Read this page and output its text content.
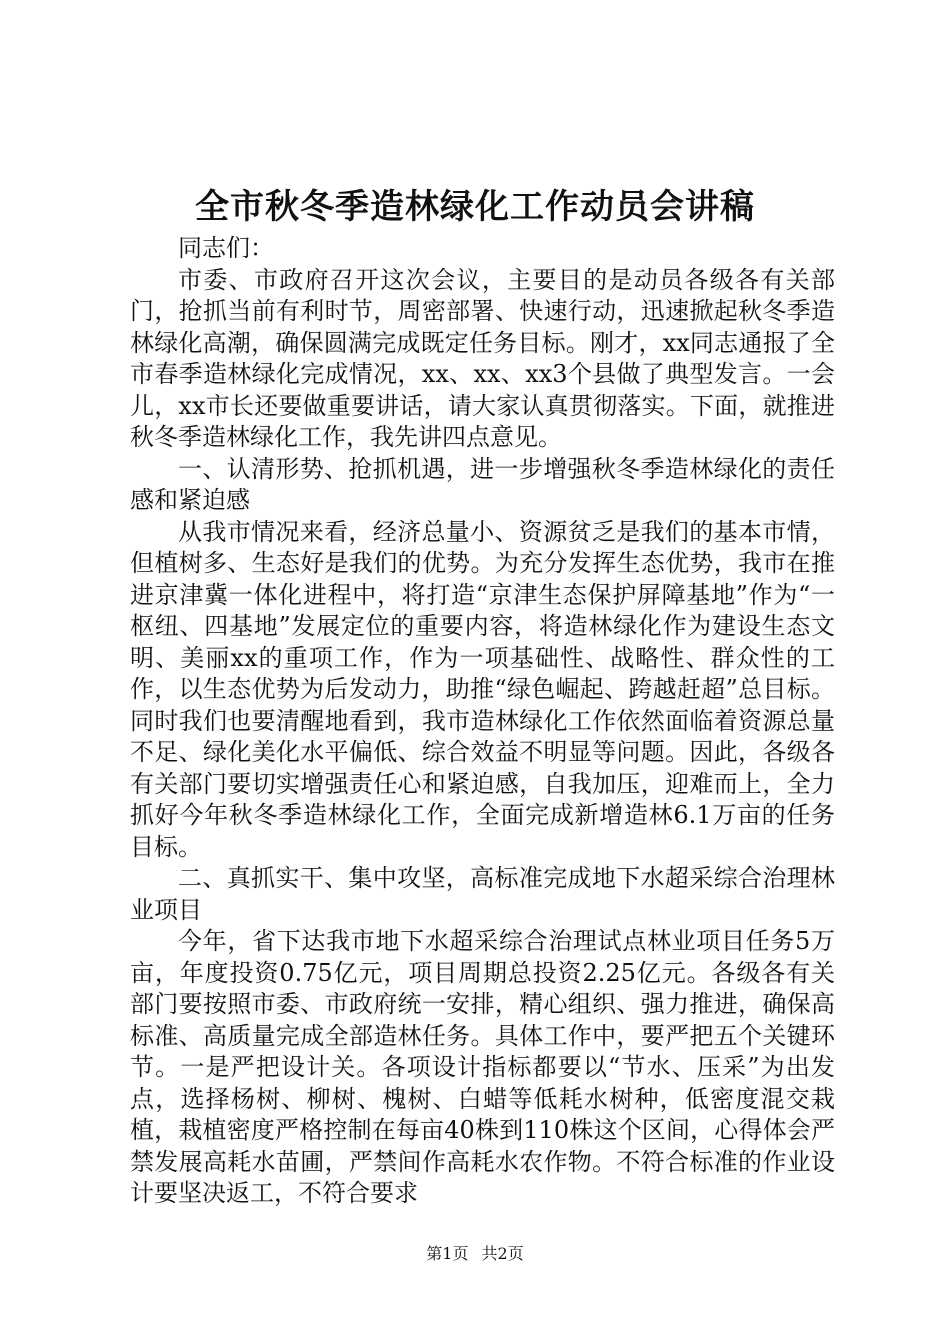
全市秋冬季造林绿化工作动员会讲稿

同志们：

市委、市政府召开这次会议，主要目的是动员各级各有关部门，抢抓当前有利时节，周密部署、快速行动，迅速掀起秋冬季造林绿化高潮，确保圆满完成既定任务目标。刚才，xx同志通报了全市春季造林绿化完成情况，xx、xx、xx3个县做了典型发言。一会儿，xx市长还要做重要讲话，请大家认真贯彻落实。下面，就推进秋冬季造林绿化工作，我先讲四点意见。

一、认清形势、抢抓机遇，进一步增强秋冬季造林绿化的责任感和紧迫感

从我市情况来看，经济总量小、资源贫乏是我们的基本市情，但植树多、生态好是我们的优势。为充分发挥生态优势，我市在推进京津冀一体化进程中，将打造“京津生态保护屏障基地”作为“一枢纽、四基地”发展定位的重要内容，将造林绿化作为建设生态文明、美丽xx的重项工作，作为一项基础性、战略性、群众性的工作，以生态优势为后发动力，助推“绿色崛起、跨越赶超”总目标。同时我们也要清醒地看到，我市造林绿化工作依然面临着资源总量不足、绿化美化水平偏低、综合效益不明显等问题。因此，各级各有关部门要切实增强责任心和紧迫感，自我加压，迎难而上，全力抓好今年秋冬季造林绿化工作，全面完成新增造林6.1万亩的任务目标。

二、真抓实干、集中攻坚，高标准完成地下水超采综合治理林业项目

今年，省下达我市地下水超采综合治理试点林业项目任务5万亩，年度投资0.75亿元，项目周期总投资2.25亿元。各级各有关部门要按照市委、市政府统一安排，精心组织、强力推进，确保高标准、高质量完成全部造林任务。具体工作中，要严把五个关键环节。一是严把设计关。各项设计指标都要以“节水、压采”为出发点，选择杨树、柳树、槐树、白蜡等低耗水树种，低密度混交栽植，栽植密度严格控制在每亩40株到110株这个区间，心得体会严禁发展高耗水苗圃，严禁间作高耗水农作物。不符合标准的作业设计要坚决返工，不符合要求

第1页 共2页
